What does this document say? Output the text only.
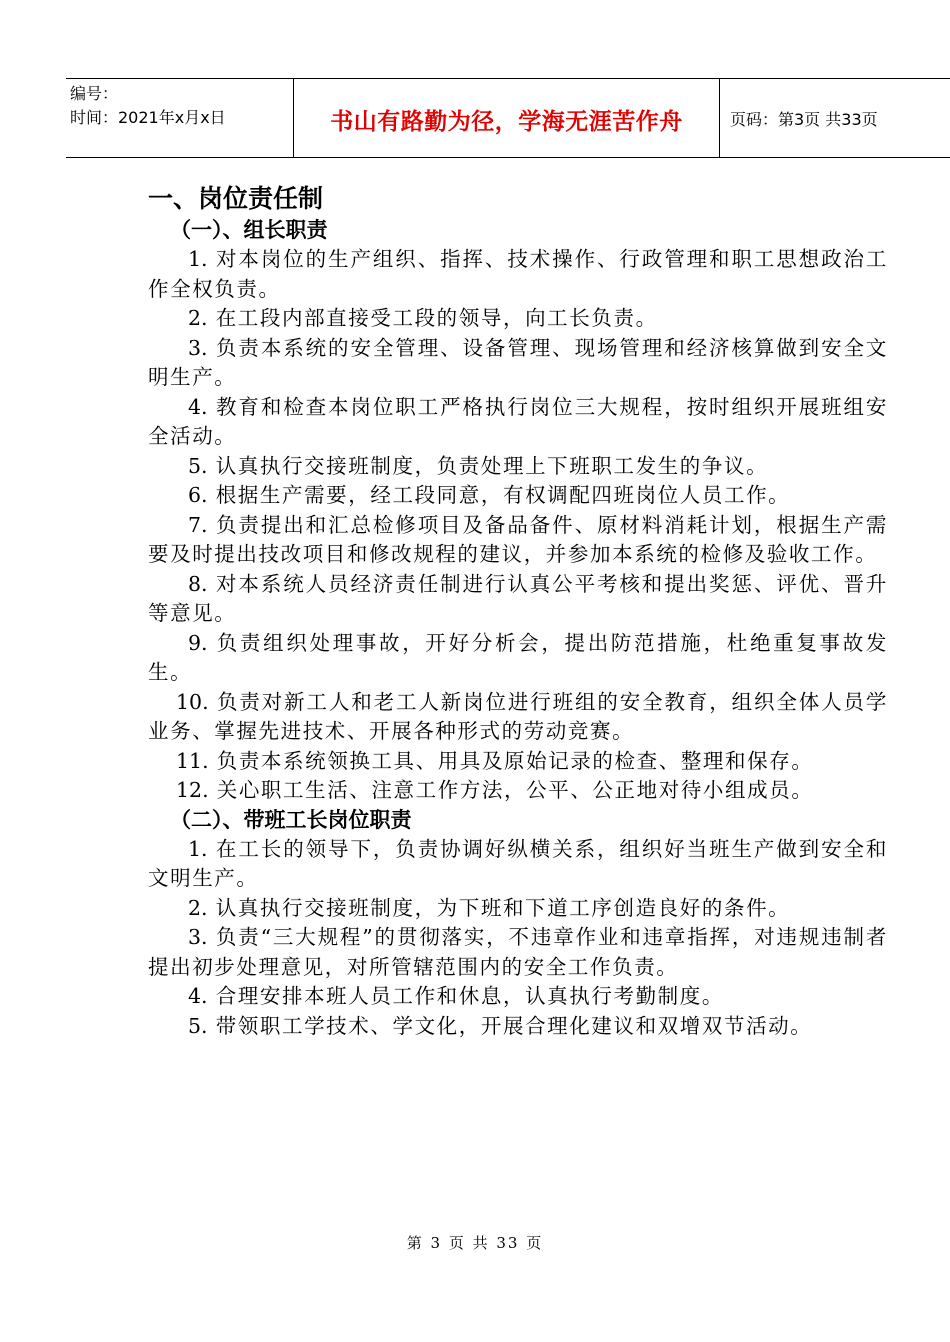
编号：
时间：2021年x月x日	书山有路勤为径，学海无涯苦作舟	页码：第3页 共33页
一、岗位责任制
（一）、组长职责
1. 对本岗位的生产组织、指挥、技术操作、行政管理和职工思想政治工作全权负责。
2. 在工段内部直接受工段的领导，向工长负责。
3. 负责本系统的安全管理、设备管理、现场管理和经济核算做到安全文明生产。
4. 教育和检查本岗位职工严格执行岗位三大规程，按时组织开展班组安全活动。
5. 认真执行交接班制度，负责处理上下班职工发生的争议。
6. 根据生产需要，经工段同意，有权调配四班岗位人员工作。
7. 负责提出和汇总检修项目及备品备件、原材料消耗计划，根据生产需要及时提出技改项目和修改规程的建议，并参加本系统的检修及验收工作。
8. 对本系统人员经济责任制进行认真公平考核和提出奖惩、评优、晋升等意见。
9. 负责组织处理事故，开好分析会，提出防范措施，杜绝重复事故发生。
10. 负责对新工人和老工人新岗位进行班组的安全教育，组织全体人员学业务、掌握先进技术、开展各种形式的劳动竞赛。
11. 负责本系统领换工具、用具及原始记录的检查、整理和保存。
12. 关心职工生活、注意工作方法，公平、公正地对待小组成员。
（二）、带班工长岗位职责
1. 在工长的领导下，负责协调好纵横关系，组织好当班生产做到安全和文明生产。
2. 认真执行交接班制度，为下班和下道工序创造良好的条件。
3. 负责“三大规程”的贯彻落实，不违章作业和违章指挥，对违规违制者提出初步处理意见，对所管辖范围内的安全工作负责。
4. 合理安排本班人员工作和休息，认真执行考勤制度。
5. 带领职工学技术、学文化，开展合理化建议和双增双节活动。
第 3 页 共 33 页
